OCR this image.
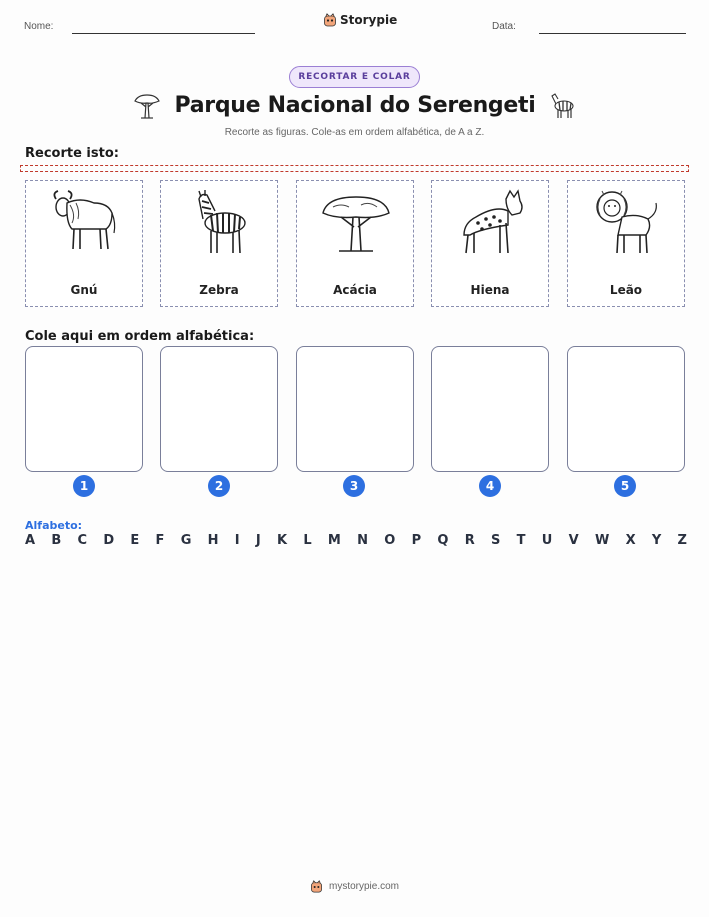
Nome:	Storypie	Data:
RECORTAR E COLAR
Parque Nacional do Serengeti
Recorte as figuras. Cole-as em ordem alfabética, de A a Z.
Recorte isto:
Gnú	Zebra	Acácia	Hiena	Leão
Cole aqui em ordem alfabética:
1	2	3	4	5
Alfabeto:
A B C D E F G H I J K L M N O P Q R S T U V W X Y Z
mystorypie.com
